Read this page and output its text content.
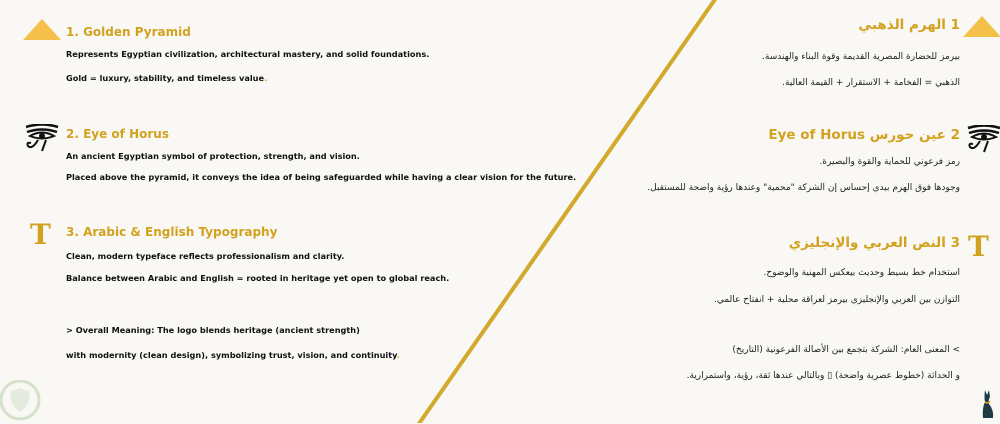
T
1. Golden Pyramid
Represents Egyptian civilization, architectural mastery, and solid foundations.
Gold = luxury, stability, and timeless value.
2. Eye of Horus
An ancient Egyptian symbol of protection, strength, and vision.
Placed above the pyramid, it conveys the idea of being safeguarded while having a clear vision for the future.
3. Arabic & English Typography
Clean, modern typeface reflects professionalism and clarity.
Balance between Arabic and English = rooted in heritage yet open to global reach.
> Overall Meaning: The logo blends heritage (ancient strength)
with modernity (clean design), symbolizing trust, vision, and continuity.
T
1 الهرم الذهبي
بيرمز للحضارة المصرية القديمة وقوة البناء والهندسة.
الذهبي = الفخامة + الاستقرار + القيمة العالية.
2 عين حورس Eye of Horus
رمز فرعوني للحماية والقوة والبصيرة.
وجودها فوق الهرم بيدي إحساس إن الشركة "محمية" وعندها رؤية واضحة للمستقبل.
3 النص العربي والإنجليزي
استخدام خط بسيط وحديث بيعكس المهنية والوضوح.
التوازن بين العربي والإنجليزي بيرمز لعراقة محلية + انفتاح عالمي.
> المعنى العام: الشركة بتجمع بين الأصالة الفرعونية (التاريخ)
و الحداثة (خطوط عصرية واضحة) ▯ وبالتالي عندها ثقة، رؤية، واستمرارية.
